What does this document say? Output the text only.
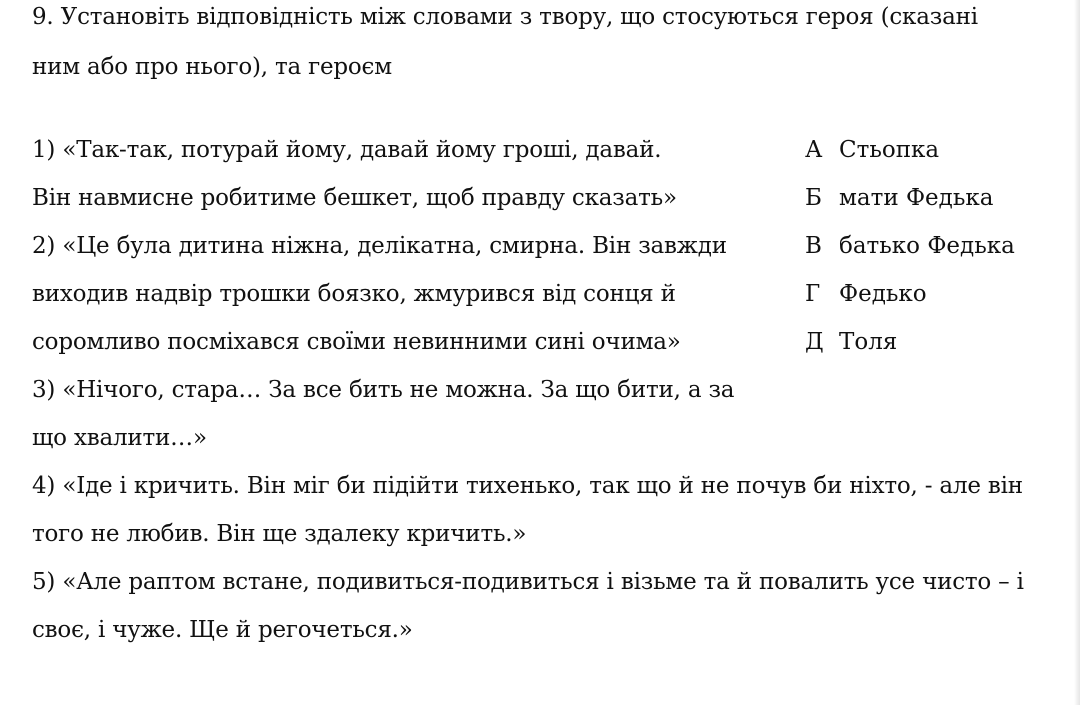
9. Установіть відповідність між словами з твору, що стосуються героя (сказані
ним або про нього), та героєм
1) «Так-так, потурай йому, давай йому гроші, давай.
Він навмисне робитиме бешкет, щоб правду сказать»
2) «Це була дитина ніжна, делікатна, смирна. Він завжди
виходив надвір трошки боязко, жмурився від сонця й
соромливо посміхався своїми невинними сині очима»
3) «Нічого, стара… За все бить не можна. За що бити, а за
що хвалити…»
4) «Іде і кричить. Він міг би підійти тихенько, так що й не почув би ніхто, - але він
того не любив. Він ще здалеку кричить.»
5) «Але раптом встане, подивиться-подивиться і візьме та й повалить усе чисто – і
своє, і чуже. Ще й регочеться.»
А Стьопка
Б мати Федька
В батько Федька
Г Федько
Д Толя
